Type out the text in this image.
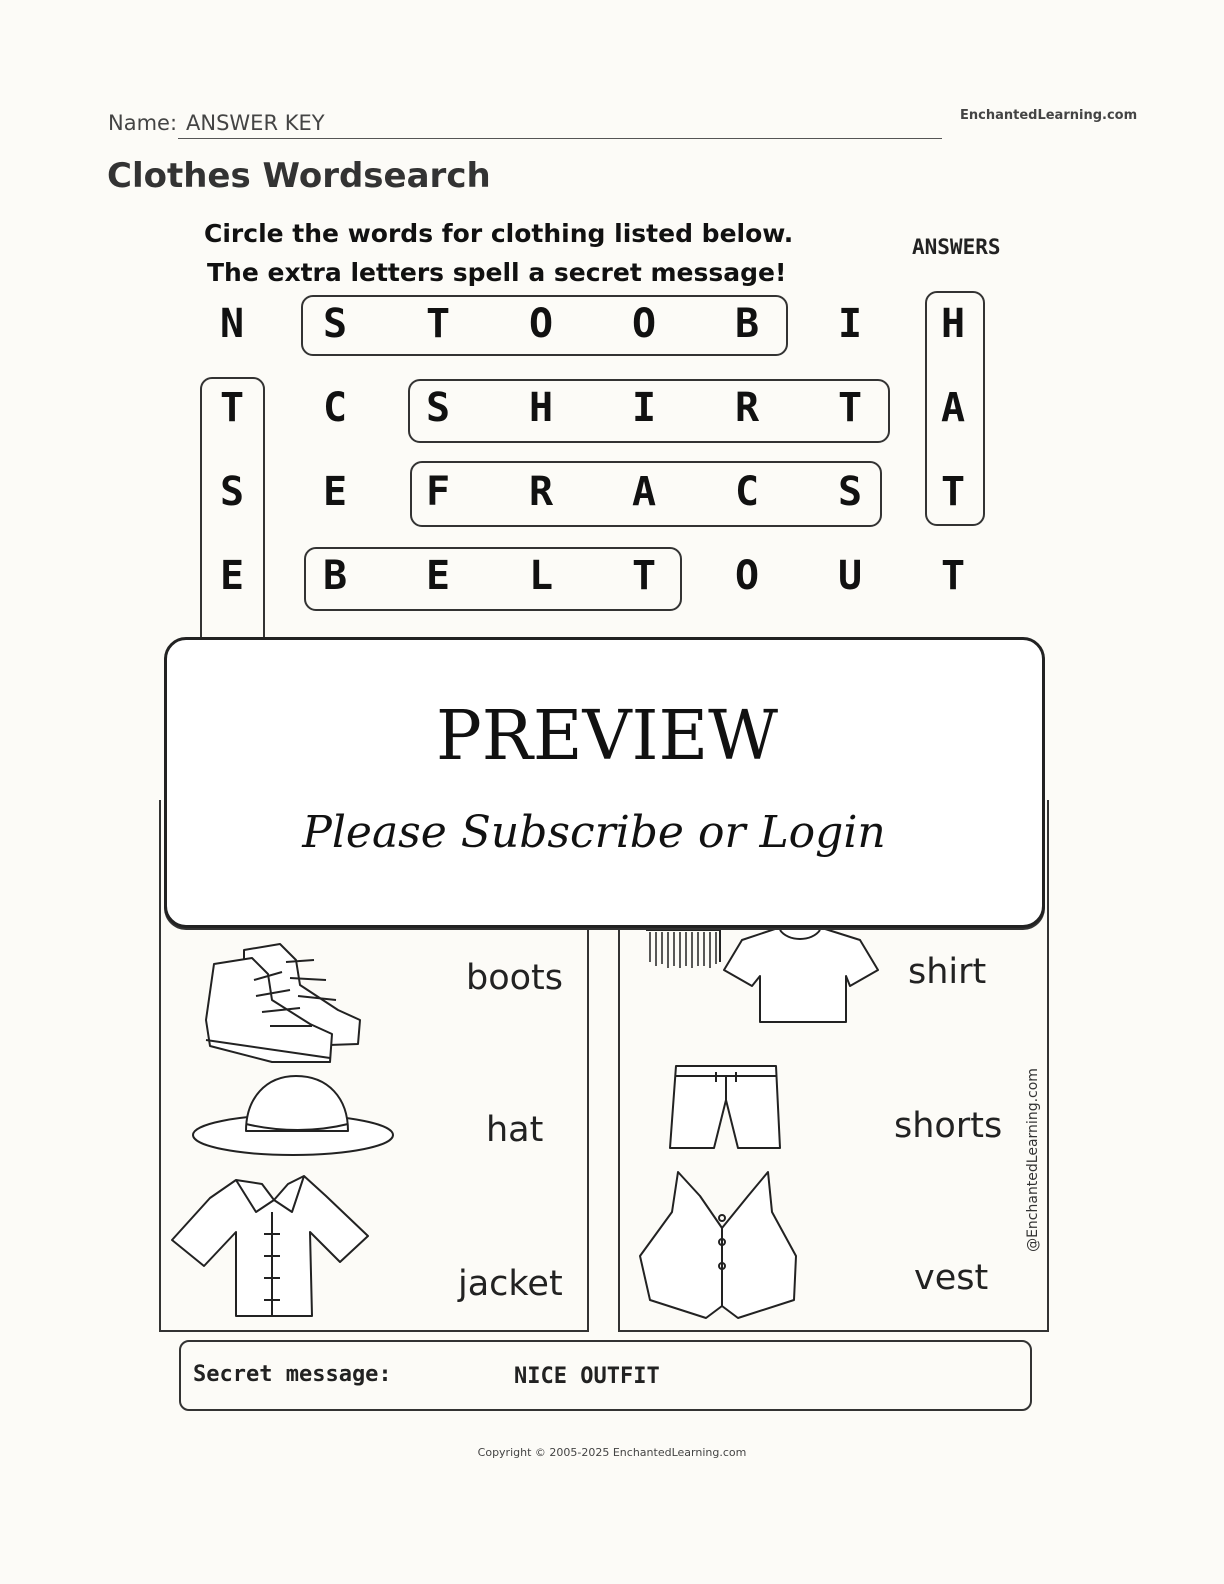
Name: ANSWER KEY	EnchantedLearning.com
Clothes Wordsearch
Circle the words for clothing listed below.
The extra letters spell a secret message!
ANSWERS
N	S	T	O	O	B	I	H
T	C	S	H	I	R	T	A
S	E	F	R	A	C	S	T
E	B	E	L	T	O	U	T
boots
hat
jacket
shirt
shorts
vest
@EnchantedLearning.com
Secret message:	NICE OUTFIT
Copyright © 2005-2025 EnchantedLearning.com
PREVIEW
Please Subscribe or Login
